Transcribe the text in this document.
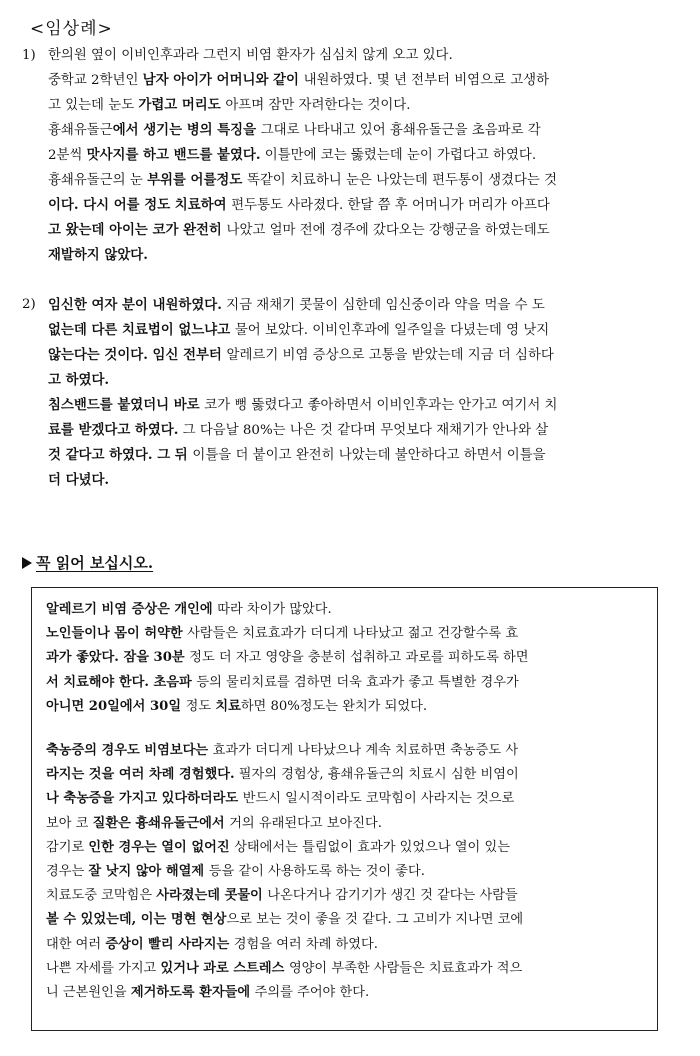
<임상례>
1) 한의원 옆이 이비인후과라 그런지 비염 환자가 심심치 않게 오고 있다.
중학교 2학년인 남자 아이가 어머니와 같이 내원하였다. 몇 년 전부터 비염으로 고생하
고 있는데 눈도 가렵고 머리도 아프며 잠만 자려한다는 것이다.
흉쇄유돌근에서 생기는 병의 특징을 그대로 나타내고 있어 흉쇄유돌근을 초음파로 각
2분씩 맛사지를 하고 밴드를 붙였다. 이틀만에 코는 뚫렸는데 눈이 가렵다고 하였다.
흉쇄유돌근의 눈 부위를 어를정도 똑같이 치료하니 눈은 나았는데 편두통이 생겼다는 것
이다. 다시 어를 정도 치료하여 편두통도 사라졌다. 한달 쯤 후 어머니가 머리가 아프다
고 왔는데 아이는 코가 완전히 나았고 얼마 전에 경주에 갔다오는 강행군을 하였는데도
재발하지 않았다.
2) 임신한 여자 분이 내원하였다. 지금 재채기 콧물이 심한데 임신중이라 약을 먹을 수 도
없는데 다른 치료법이 없느냐고 물어 보았다. 이비인후과에 일주일을 다녔는데 영 낫지
않는다는 것이다. 임신 전부터 알레르기 비염 증상으로 고통을 받았는데 지금 더 심하다
고 하였다.
침스밴드를 붙였더니 바로 코가 뻥 뚫렸다고 좋아하면서 이비인후과는 안가고 여기서 치
료를 받겠다고 하였다. 그 다음날 80%는 나은 것 같다며 무엇보다 재채기가 안나와 살
것 같다고 하였다. 그 뒤 이틀을 더 붙이고 완전히 나았는데 불안하다고 하면서 이틀을
더 다녔다.
꼭 읽어 보십시오.
알레르기 비염 증상은 개인에 따라 차이가 많았다.
노인들이나 몸이 허약한 사람들은 치료효과가 더디게 나타났고 젊고 건강할수록 효
과가 좋았다. 잠을 30분 정도 더 자고 영양을 충분히 섭취하고 과로를 피하도록 하면
서 치료해야 한다. 초음파 등의 물리치료를 겸하면 더욱 효과가 좋고 특별한 경우가
아니면 20일에서 30일 정도 치료하면 80%정도는 완치가 되었다.
축농증의 경우도 비염보다는 효과가 더디게 나타났으나 계속 치료하면 축농증도 사
라지는 것을 여러 차례 경험했다. 필자의 경험상, 흉쇄유돌근의 치료시 심한 비염이
나 축농증을 가지고 있다하더라도 반드시 일시적이라도 코막힘이 사라지는 것으로
보아 코 질환은 흉쇄유돌근에서 거의 유래된다고 보아진다.
감기로 인한 경우는 열이 없어진 상태에서는 틀림없이 효과가 있었으나 열이 있는
경우는 잘 낫지 않아 해열제 등을 같이 사용하도록 하는 것이 좋다.
치료도중 코막힘은 사라졌는데 콧물이 나온다거나 감기기가 생긴 것 같다는 사람들
볼 수 있었는데, 이는 명현 현상으로 보는 것이 좋을 것 같다. 그 고비가 지나면 코에
대한 여러 증상이 빨리 사라지는 경험을 여러 차례 하였다.
나쁜 자세를 가지고 있거나 과로 스트레스 영양이 부족한 사람들은 치료효과가 적으
니 근본원인을 제거하도록 환자들에 주의를 주어야 한다.
